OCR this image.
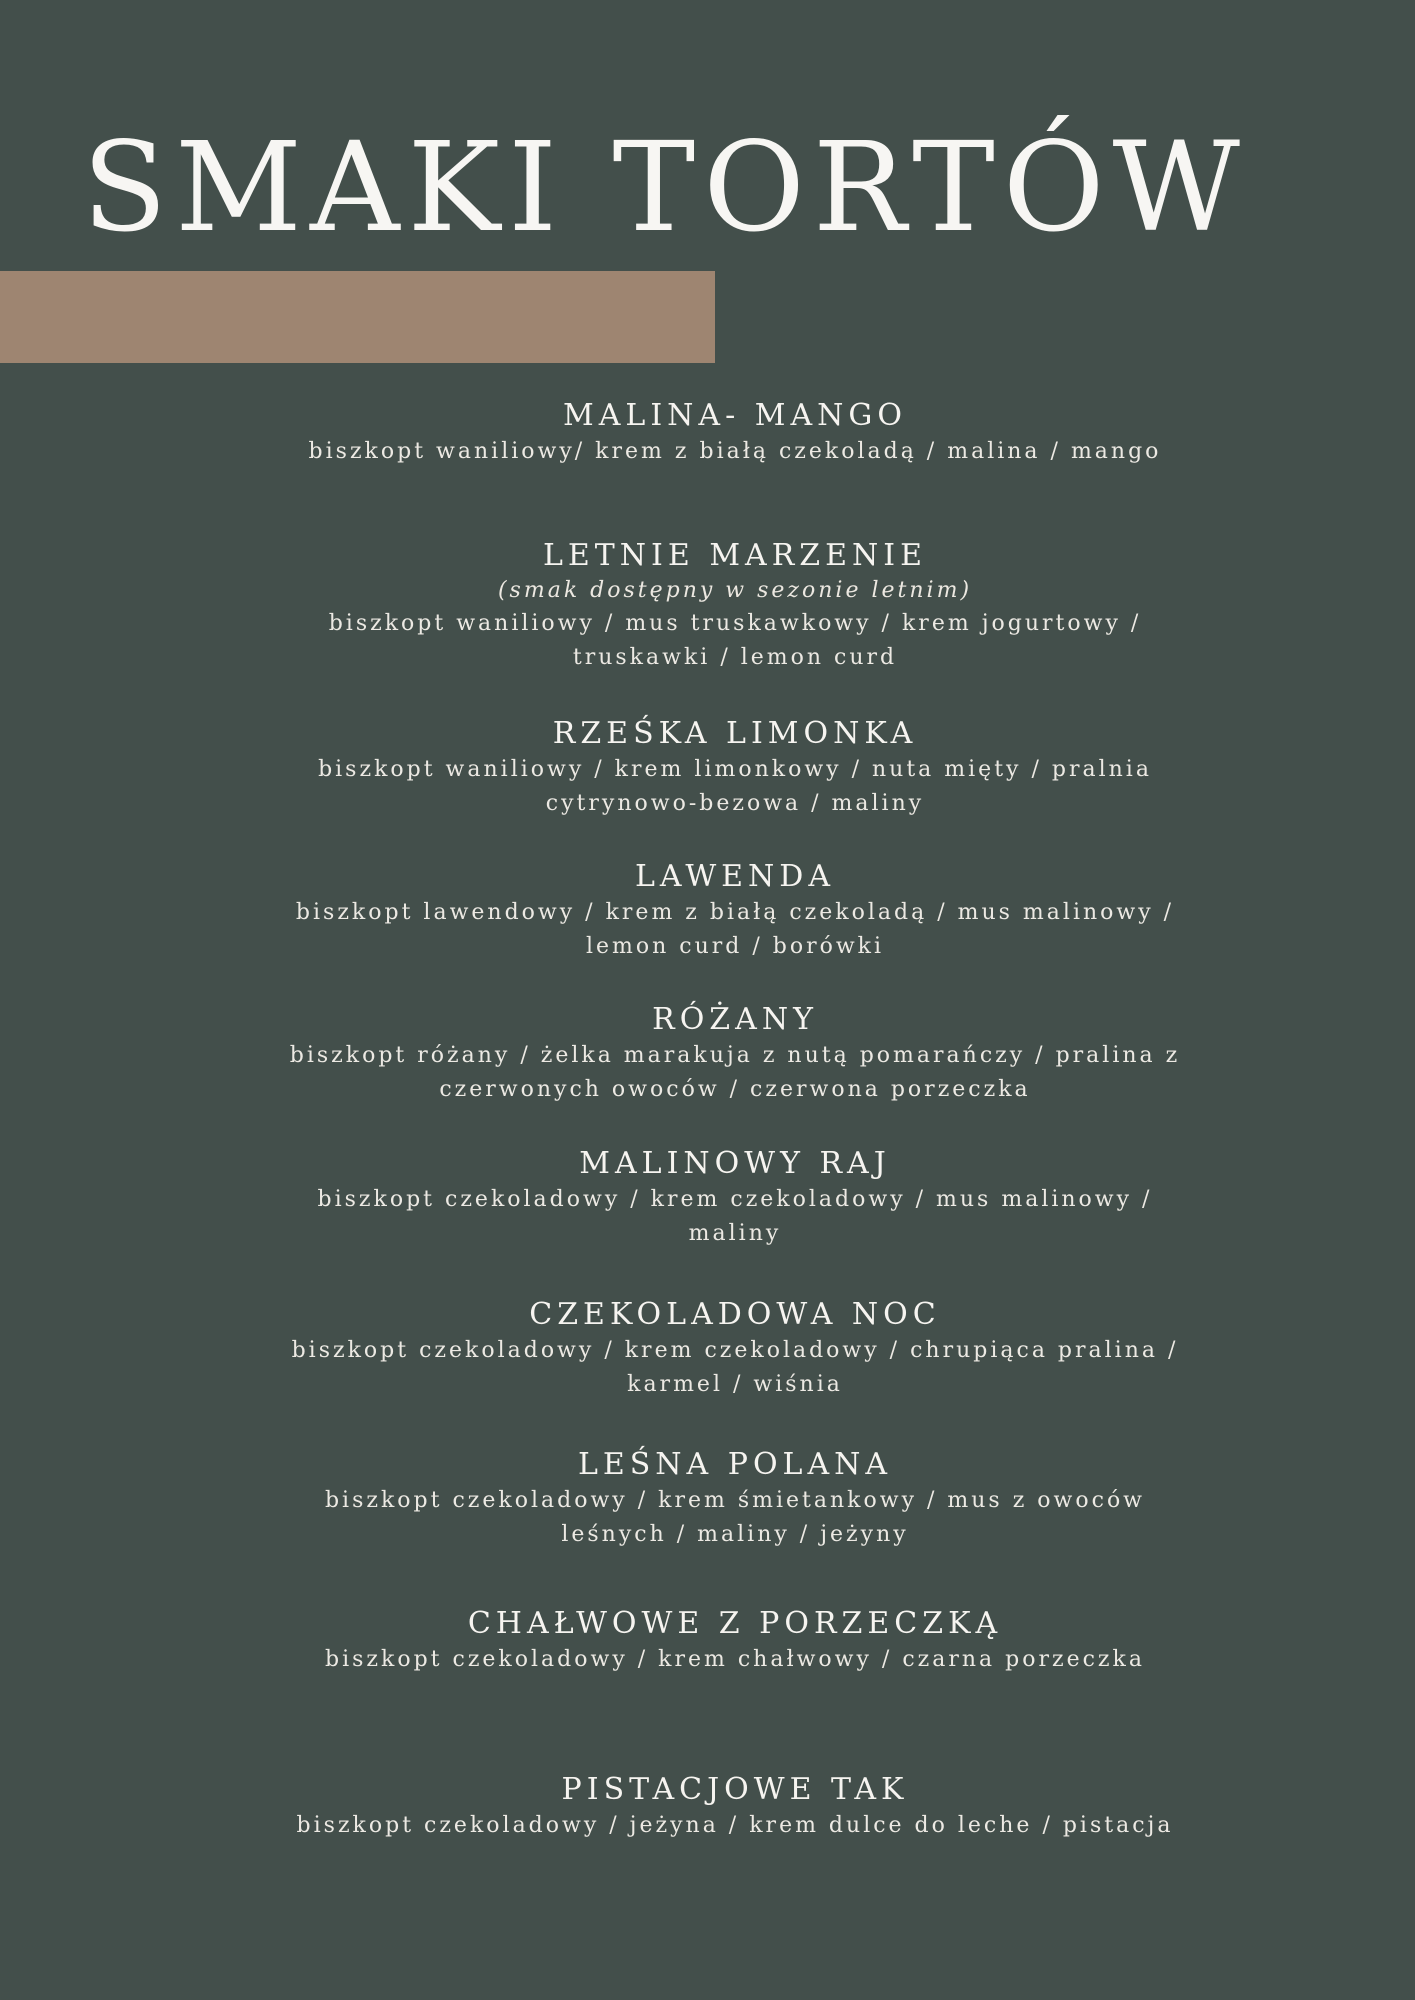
SMAKI TORTÓW

MALINA- MANGO

biszkopt waniliowy/ krem z białą czekoladą / malina / mango

LETNIE MARZENIE

(smak dostępny w sezonie letnim)

biszkopt waniliowy / mus truskawkowy / krem jogurtowy / truskawki / lemon curd

RZEŚKA LIMONKA

biszkopt waniliowy / krem limonkowy / nuta mięty / pralnia cytrynowo-bezowa / maliny

LAWENDA

biszkopt lawendowy / krem z białą czekoladą / mus malinowy / lemon curd / borówki

RÓŻANY

biszkopt różany / żelka marakuja z nutą pomarańczy / pralina z czerwonych owoców / czerwona porzeczka

MALINOWY RAJ

biszkopt czekoladowy / krem czekoladowy / mus malinowy / maliny

CZEKOLADOWA NOC

biszkopt czekoladowy / krem czekoladowy / chrupiąca pralina / karmel / wiśnia

LEŚNA POLANA

biszkopt czekoladowy / krem śmietankowy / mus z owoców leśnych / maliny / jeżyny

CHAŁWOWE Z PORZECZKĄ

biszkopt czekoladowy / krem chałwowy / czarna porzeczka

PISTACJOWE TAK

biszkopt czekoladowy / jeżyna / krem dulce do leche / pistacja
